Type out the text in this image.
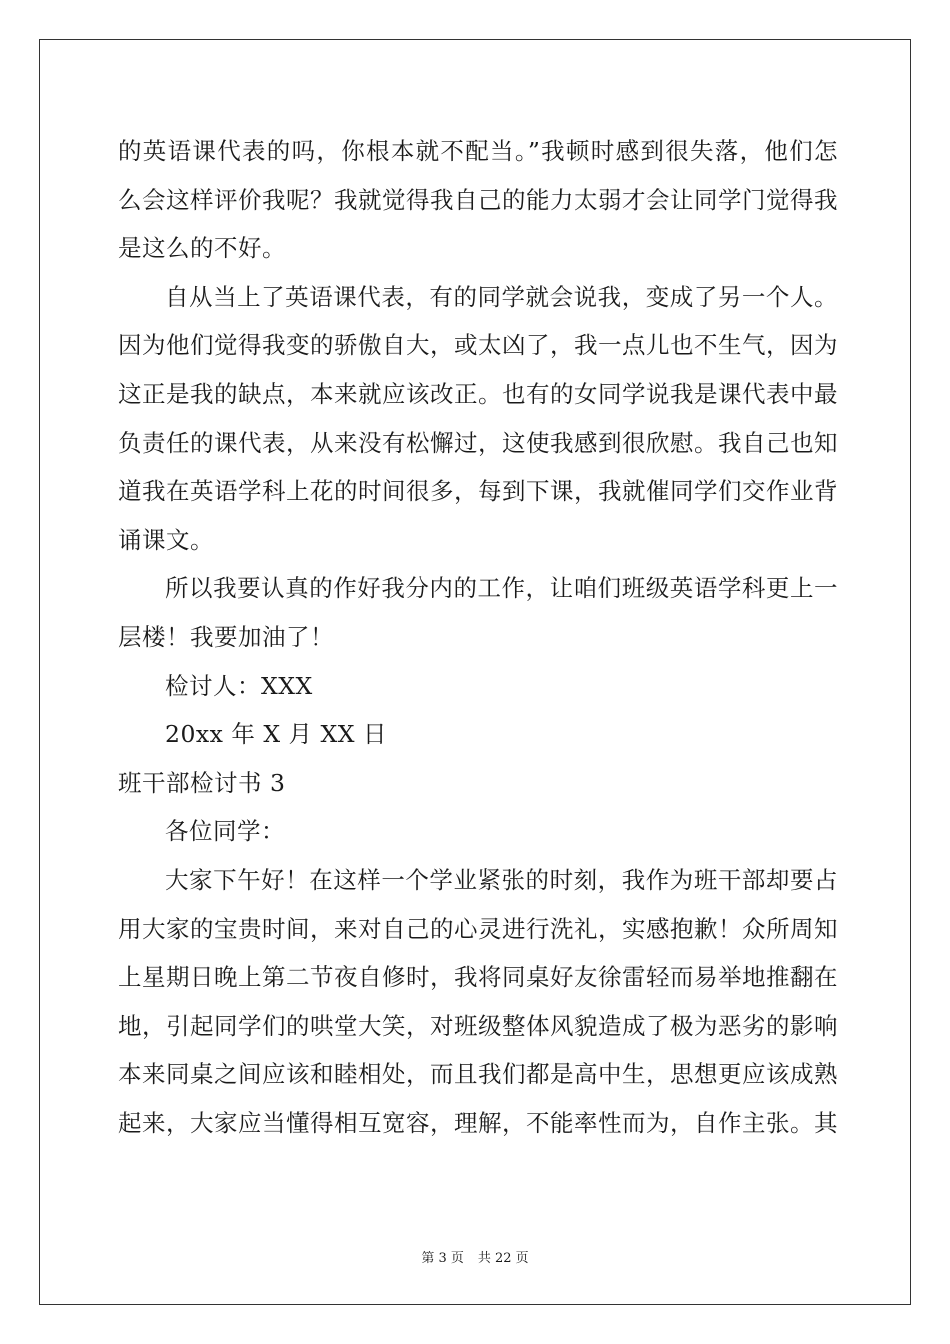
的英语课代表的吗，你根本就不配当。”我顿时感到很失落，他们怎
么会这样评价我呢？我就觉得我自己的能力太弱才会让同学门觉得我
是这么的不好。
自从当上了英语课代表，有的同学就会说我，变成了另一个人。
因为他们觉得我变的骄傲自大，或太凶了，我一点儿也不生气，因为
这正是我的缺点，本来就应该改正。也有的女同学说我是课代表中最
负责任的课代表，从来没有松懈过，这使我感到很欣慰。我自己也知
道我在英语学科上花的时间很多，每到下课，我就催同学们交作业背
诵课文。
所以我要认真的作好我分内的工作，让咱们班级英语学科更上一
层楼！我要加油了！
检讨人：XXX
20xx 年 X 月 XX 日
班干部检讨书 3
各位同学：
大家下午好！在这样一个学业紧张的时刻，我作为班干部却要占
用大家的宝贵时间，来对自己的心灵进行洗礼，实感抱歉！众所周知
上星期日晚上第二节夜自修时，我将同桌好友徐雷轻而易举地推翻在
地，引起同学们的哄堂大笑，对班级整体风貌造成了极为恶劣的影响
本来同桌之间应该和睦相处，而且我们都是高中生，思想更应该成熟
起来，大家应当懂得相互宽容，理解，不能率性而为，自作主张。其
第 3 页 共 22 页
